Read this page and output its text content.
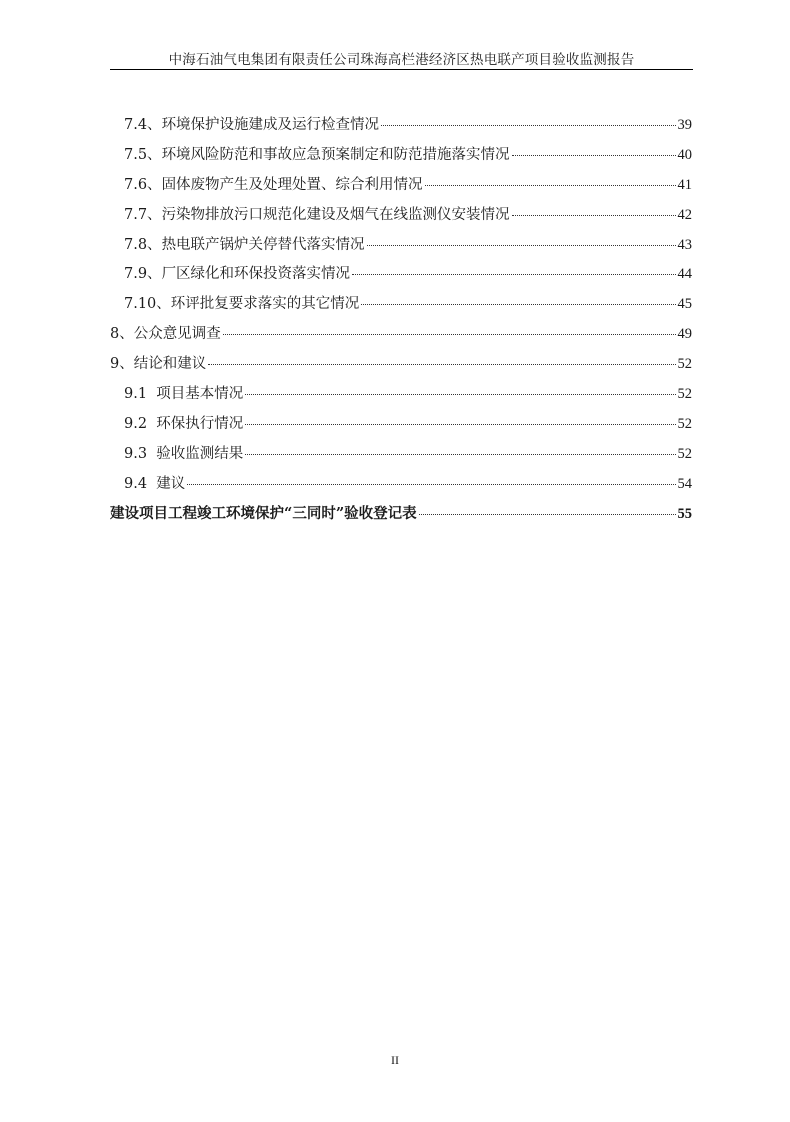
中海石油气电集团有限责任公司珠海高栏港经济区热电联产项目验收监测报告
7.4、 环境保护设施建成及运行检查情况	39
7.5、 环境风险防范和事故应急预案制定和防范措施落实情况	40
7.6、 固体废物产生及处理处置、综合利用情况	41
7.7、 污染物排放污口规范化建设及烟气在线监测仪安装情况	42
7.8、 热电联产锅炉关停替代落实情况	43
7.9、 厂区绿化和环保投资落实情况	44
7.10、 环评批复要求落实的其它情况	45
8、 公众意见调查	49
9、 结论和建议	52
9.1 项目基本情况	52
9.2 环保执行情况	52
9.3 验收监测结果	52
9.4 建议	54
建设项目工程竣工环境保护“三同时”验收登记表	55
II
